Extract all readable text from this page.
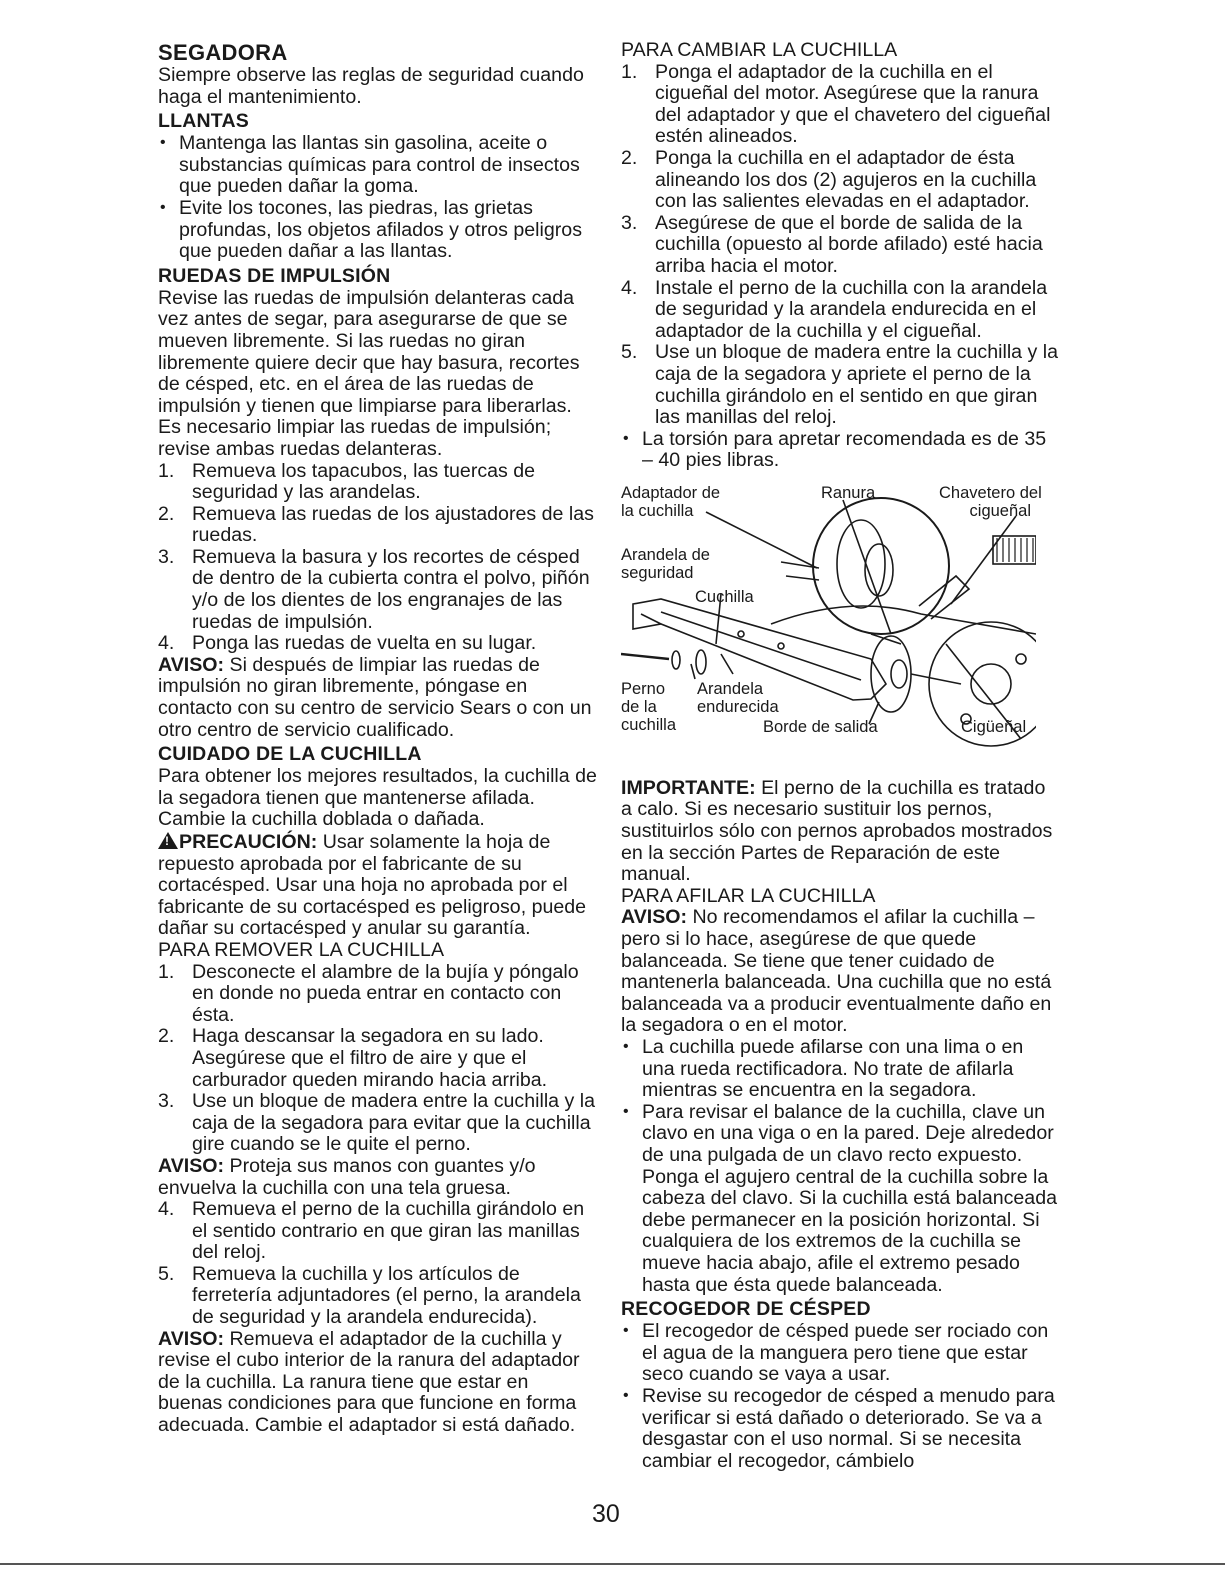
SEGADORA

Siempre observe las reglas de seguridad cuando haga el mantenimiento.

LLANTAS
• Mantenga las llantas sin gasolina, aceite o substancias químicas para control de insectos que pueden dañar la goma.
• Evite los tocones, las piedras, las grietas profundas, los objetos afilados y otros peligros que pueden dañar a las llantas.
RUEDAS DE IMPULSIÓN

Revise las ruedas de impulsión delanteras cada vez antes de segar, para asegurarse de que se mueven libremente. Si las ruedas no giran libremente quiere decir que hay basura, recortes de césped, etc. en el área de las ruedas de impulsión y tienen que limpiarse para liberarlas. Es necesario limpiar las ruedas de impulsión; revise ambas ruedas delanteras.

1. Remueva los tapacubos, las tuercas de seguridad y las arandelas.
2. Remueva las ruedas de los ajustadores de las ruedas.
3. Remueva la basura y los recortes de césped de dentro de la cubierta contra el polvo, piñón y/o de los dientes de los engranajes de las ruedas de impulsión.
4. Ponga las ruedas de vuelta en su lugar.

AVISO: Si después de limpiar las ruedas de impulsión no giran libremente, póngase en contacto con su centro de servicio Sears o con un otro centro de servicio cualificado.

CUIDADO DE LA CUCHILLA

Para obtener los mejores resultados, la cuchilla de la segadora tienen que mantenerse afilada. Cambie la cuchilla doblada o dañada.

!PRECAUCIÓN: Usar solamente la hoja de repuesto aprobada por el fabricante de su cortacésped. Usar una hoja no aprobada por el fabricante de su cortacésped es peligroso, puede dañar su cortacésped y anular su garantía.

PARA REMOVER LA CUCHILLA

1. Desconecte el alambre de la bujía y póngalo en donde no pueda entrar en contacto con ésta.
2. Haga descansar la segadora en su lado. Asegúrese que el filtro de aire y que el carburador queden mirando hacia arriba.
3. Use un bloque de madera entre la cuchilla y la caja de la segadora para evitar que la cuchilla gire cuando se le quite el perno.

AVISO: Proteja sus manos con guantes y/o envuelva la cuchilla con una tela gruesa.

4. Remueva el perno de la cuchilla girándolo en el sentido contrario en que giran las manillas del reloj.
5. Remueva la cuchilla y los artículos de ferretería adjuntadores (el perno, la arandela de seguridad y la arandela endurecida).

AVISO: Remueva el adaptador de la cuchilla y revise el cubo interior de la ranura del adaptador de la cuchilla. La ranura tiene que estar en buenas condiciones para que funcione en forma adecuada. Cambie el adaptador si está dañado.

PARA CAMBIAR LA CUCHILLA

1. Ponga el adaptador de la cuchilla en el cigueñal del motor. Asegúrese que la ranura del adaptador y que el chavetero del cigueñal estén alineados.
2. Ponga la cuchilla en el adaptador de ésta alineando los dos (2) agujeros en la cuchilla con las salientes elevadas en el adaptador.
3. Asegúrese de que el borde de salida de la cuchilla (opuesto al borde afilado) esté hacia arriba hacia el motor.
4. Instale el perno de la cuchilla con la arandela de seguridad y la arandela endurecida en el adaptador de la cuchilla y el cigueñal.
5. Use un bloque de madera entre la cuchilla y la caja de la segadora y apriete el perno de la cuchilla girándolo en el sentido en que giran las manillas del reloj.
• La torsión para apretar recomendada es de 35 – 40 pies libras.
Adaptador de
la cuchilla
Ranura	Chavetero del
cigueñal
Arandela de
seguridad
Cuchilla
Perno
de la
cuchilla
Arandela
endurecida
Borde de salida	Cigüeñal

IMPORTANTE: El perno de la cuchilla es tratado a calo. Si es necesario sustituir los pernos, sustituirlos sólo con pernos aprobados mostrados en la sección Partes de Reparación de este manual.

PARA AFILAR LA CUCHILLA

AVISO: No recomendamos el afilar la cuchilla – pero si lo hace, asegúrese de que quede balanceada. Se tiene que tener cuidado de mantenerla balanceada. Una cuchilla que no está balanceada va a producir eventualmente daño en la segadora o en el motor.

• La cuchilla puede afilarse con una lima o en una rueda rectificadora. No trate de afilarla mientras se encuentra en la segadora.
• Para revisar el balance de la cuchilla, clave un clavo en una viga o en la pared. Deje alrededor de una pulgada de un clavo recto expuesto. Ponga el agujero central de la cuchilla sobre la cabeza del clavo. Si la cuchilla está balanceada debe permanecer en la posición horizontal. Si cualquiera de los extremos de la cuchilla se mueve hacia abajo, afile el extremo pesado hasta que ésta quede balanceada.
RECOGEDOR DE CÉSPED
• El recogedor de césped puede ser rociado con el agua de la manguera pero tiene que estar seco cuando se vaya a usar.
• Revise su recogedor de césped a menudo para verificar si está dañado o deteriorado. Se va a desgastar con el uso normal. Si se necesita cambiar el recogedor, cámbielo
30
